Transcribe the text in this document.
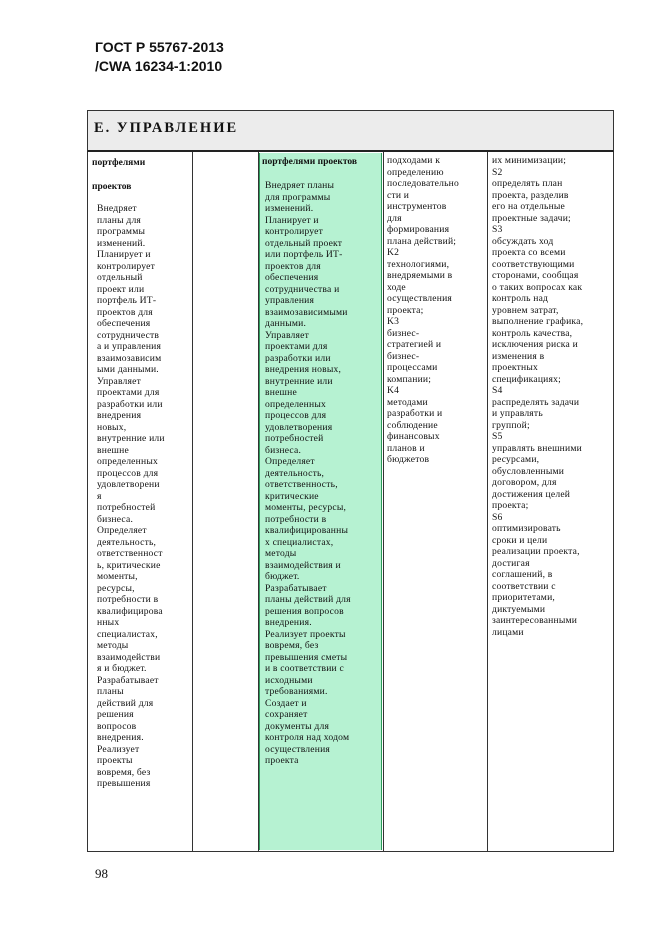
ГОСТ Р 55767-2013
/CWA 16234-1:2010
E. УПРАВЛЕНИЕ
портфелями
проектов
Внедряет
планы для
программы
изменений.
Планирует и
контролирует
отдельный
проект или
портфель ИТ-
проектов для
обеспечения
сотрудничеств
а и управления
взаимозависим
ыми данными.
Управляет
проектами для
разработки или
внедрения
новых,
внутренние или
внешне
определенных
процессов для
удовлетворени
я
потребностей
бизнеса.
Определяет
деятельность,
ответственност
ь, критические
моменты,
ресурсы,
потребности в
квалифицирова
нных
специалистах,
методы
взаимодействи
я и бюджет.
Разрабатывает
планы
действий для
решения
вопросов
внедрения.
Реализует
проекты
вовремя, без
превышения
портфелями проектов
Внедряет планы
для программы
изменений.
Планирует и
контролирует
отдельный проект
или портфель ИТ-
проектов для
обеспечения
сотрудничества и
управления
взаимозависимыми
данными.
Управляет
проектами для
разработки или
внедрения новых,
внутренние или
внешне
определенных
процессов для
удовлетворения
потребностей
бизнеса.
Определяет
деятельность,
ответственность,
критические
моменты, ресурсы,
потребности в
квалифицированны
х специалистах,
методы
взаимодействия и
бюджет.
Разрабатывает
планы действий для
решения вопросов
внедрения.
Реализует проекты
вовремя, без
превышения сметы
и в соответствии с
исходными
требованиями.
Создает и
сохраняет
документы для
контроля над ходом
осуществления
проекта
подходами к
определению
последовательно
сти и
инструментов
для
формирования
плана действий;
K2
технологиями,
внедряемыми в
ходе
осуществления
проекта;
K3
бизнес-
стратегией и
бизнес-
процессами
компании;
K4
методами
разработки и
соблюдение
финансовых
планов и
бюджетов
их минимизации;
S2
определять план
проекта, разделив
его на отдельные
проектные задачи;
S3
обсуждать ход
проекта со всеми
соответствующими
сторонами, сообщая
о таких вопросах как
контроль над
уровнем затрат,
выполнение графика,
контроль качества,
исключения риска и
изменения в
проектных
спецификациях;
S4
распределять задачи
и управлять
группой;
S5
управлять внешними
ресурсами,
обусловленными
договором, для
достижения целей
проекта;
S6
оптимизировать
сроки и цели
реализации проекта,
достигая
соглашений, в
соответствии с
приоритетами,
диктуемыми
заинтересованными
лицами
98
